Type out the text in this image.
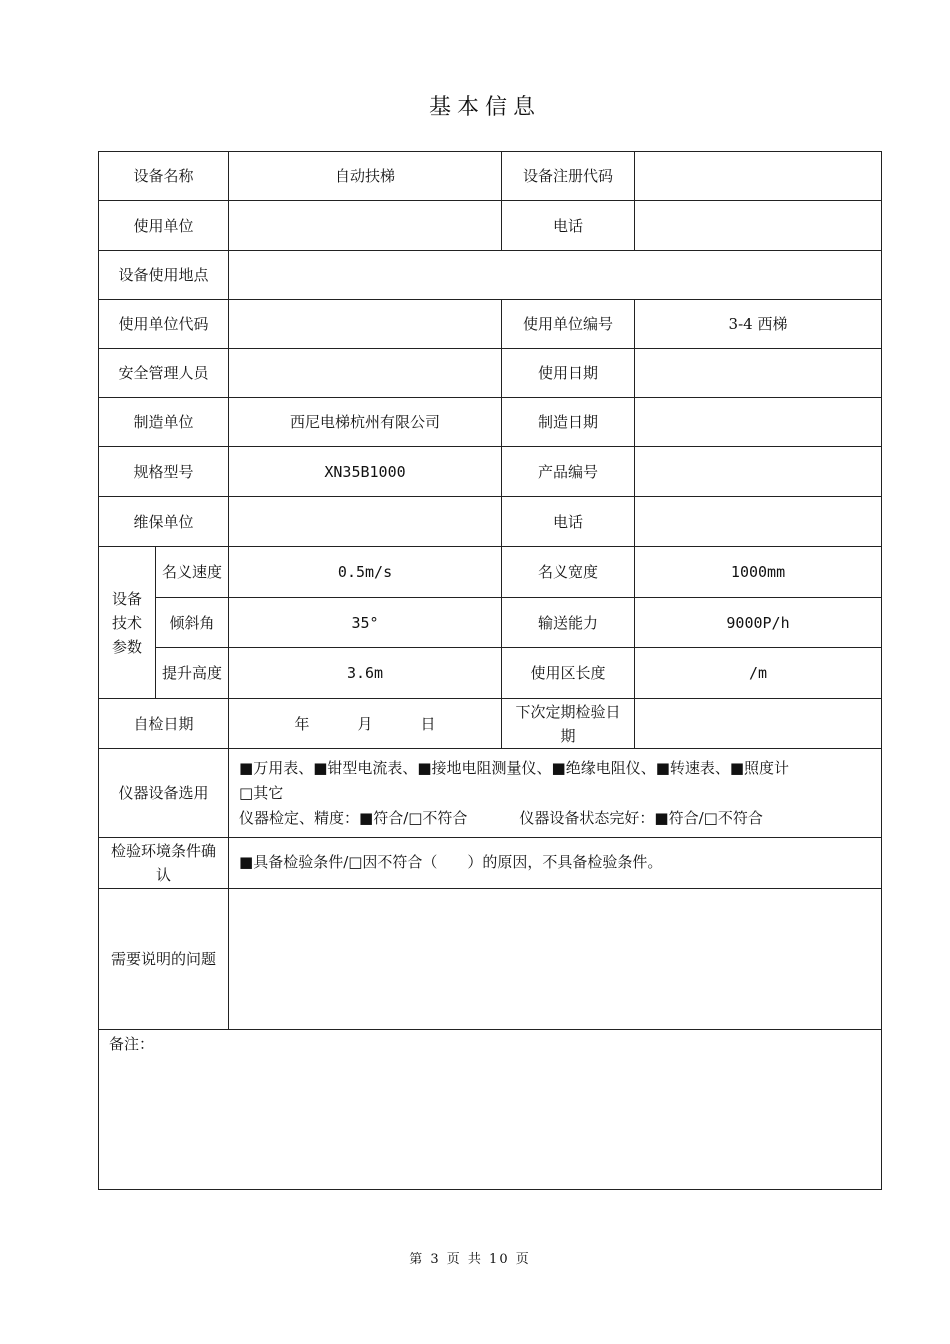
基本信息
设备名称		自动扶梯	设备注册代码	
使用单位			电话	
设备使用地点				
使用单位代码			使用单位编号	3-4 西梯
安全管理人员			使用日期	
制造单位		西尼电梯杭州有限公司	制造日期	
规格型号		XN35B1000	产品编号	
维保单位			电话	
设备技术参数	名义速度	0.5m/s	名义宽度	1000mm
	倾斜角	35°	输送能力	9000P/h
	提升高度	3.6m	使用区长度	/m
自检日期		年 月 日	下次定期检验日期	
仪器设备选用		■万用表、■钳型电流表、■接地电阻测量仪、■绝缘电阻仪、■转速表、■照度计
□其它
仪器检定、精度：■符合/□不符合 仪器设备状态完好：■符合/□不符合		

检验环境条件确认		■具备检验条件/□因不符合（　　）的原因，不具备检验条件。		
需要说明的问题				
备注：				
第 3 页 共 10 页
